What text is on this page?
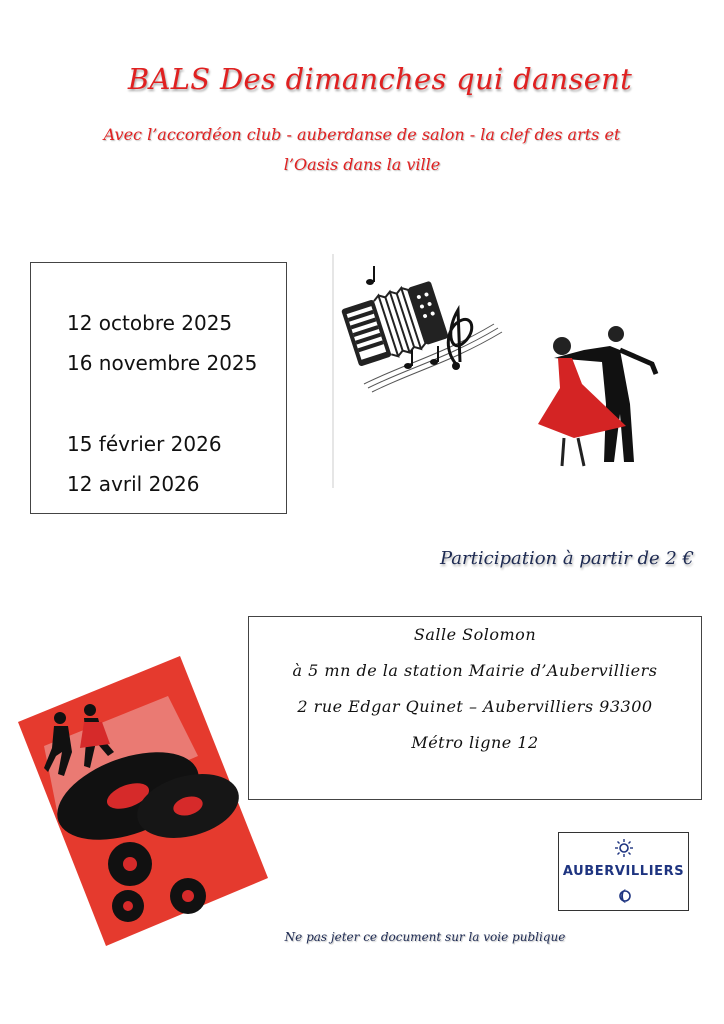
BALS Des dimanches qui dansent
Avec l’accordéon club - auberdanse de salon - la clef des arts et
l’Oasis dans la ville
12 octobre 2025
16 novembre 2025
15 février 2026
12 avril 2026
Participation à partir de 2 €
Salle Solomon
à 5 mn de la station Mairie d’Aubervilliers
2 rue Edgar Quinet – Aubervilliers 93300
Métro ligne 12
AUBERVILLIERS
Ne pas jeter ce document sur la voie publique
